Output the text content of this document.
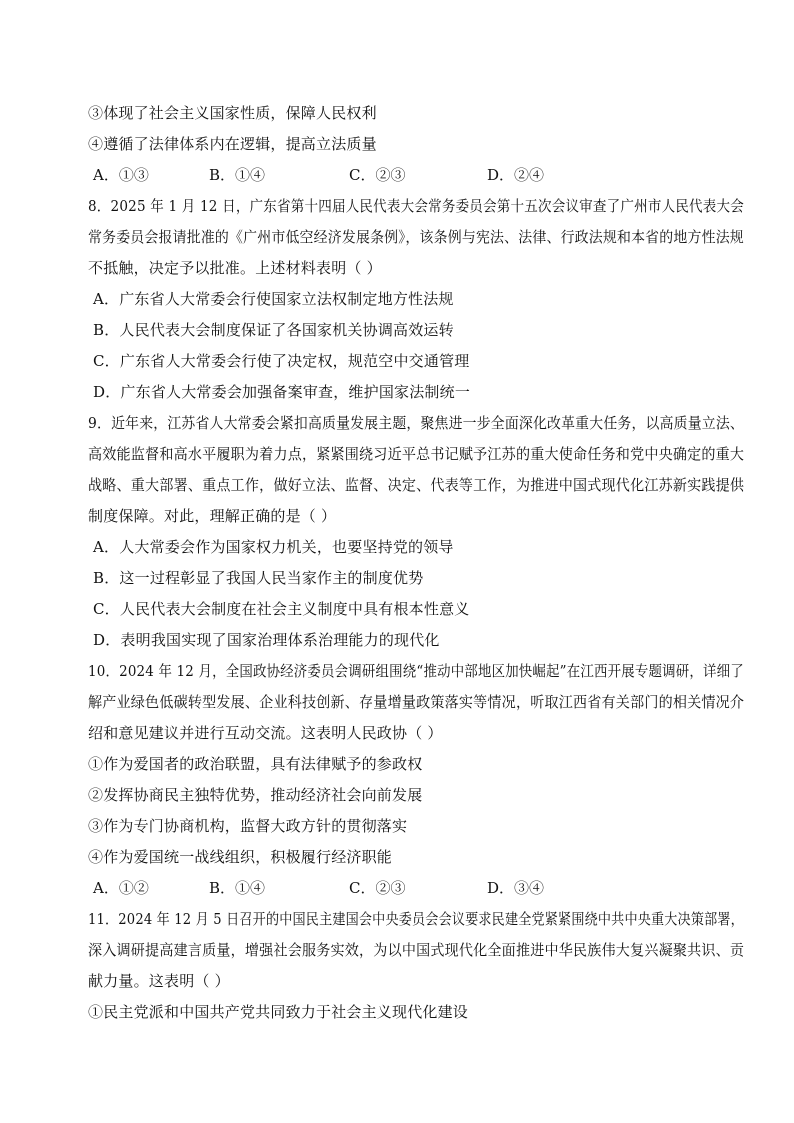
③体现了社会主义国家性质，保障人民权利
④遵循了法律体系内在逻辑，提高立法质量
A．①③	B．①④	C．②③	D．②④
8．2025 年 1 月 12 日，广东省第十四届人民代表大会常务委员会第十五次会议审查了广州市人民代表大会
常务委员会报请批准的《广州市低空经济发展条例》，该条例与宪法、法律、行政法规和本省的地方性法规
不抵触，决定予以批准。上述材料表明（ ）
A．广东省人大常委会行使国家立法权制定地方性法规
B．人民代表大会制度保证了各国家机关协调高效运转
C．广东省人大常委会行使了决定权，规范空中交通管理
D．广东省人大常委会加强备案审查，维护国家法制统一
9．近年来，江苏省人大常委会紧扣高质量发展主题，聚焦进一步全面深化改革重大任务，以高质量立法、
高效能监督和高水平履职为着力点，紧紧围绕习近平总书记赋予江苏的重大使命任务和党中央确定的重大
战略、重大部署、重点工作，做好立法、监督、决定、代表等工作，为推进中国式现代化江苏新实践提供
制度保障。对此，理解正确的是（ ）
A．人大常委会作为国家权力机关，也要坚持党的领导
B．这一过程彰显了我国人民当家作主的制度优势
C．人民代表大会制度在社会主义制度中具有根本性意义
D．表明我国实现了国家治理体系治理能力的现代化
10．2024 年 12 月，全国政协经济委员会调研组围绕“推动中部地区加快崛起”在江西开展专题调研，详细了
解产业绿色低碳转型发展、企业科技创新、存量增量政策落实等情况，听取江西省有关部门的相关情况介
绍和意见建议并进行互动交流。这表明人民政协（ ）
①作为爱国者的政治联盟，具有法律赋予的参政权
②发挥协商民主独特优势，推动经济社会向前发展
③作为专门协商机构，监督大政方针的贯彻落实
④作为爱国统一战线组织，积极履行经济职能
A．①②	B．①④	C．②③	D．③④
11．2024 年 12 月 5 日召开的中国民主建国会中央委员会会议要求民建全党紧紧围绕中共中央重大决策部署，
深入调研提高建言质量，增强社会服务实效，为以中国式现代化全面推进中华民族伟大复兴凝聚共识、贡
献力量。这表明（ ）
①民主党派和中国共产党共同致力于社会主义现代化建设
